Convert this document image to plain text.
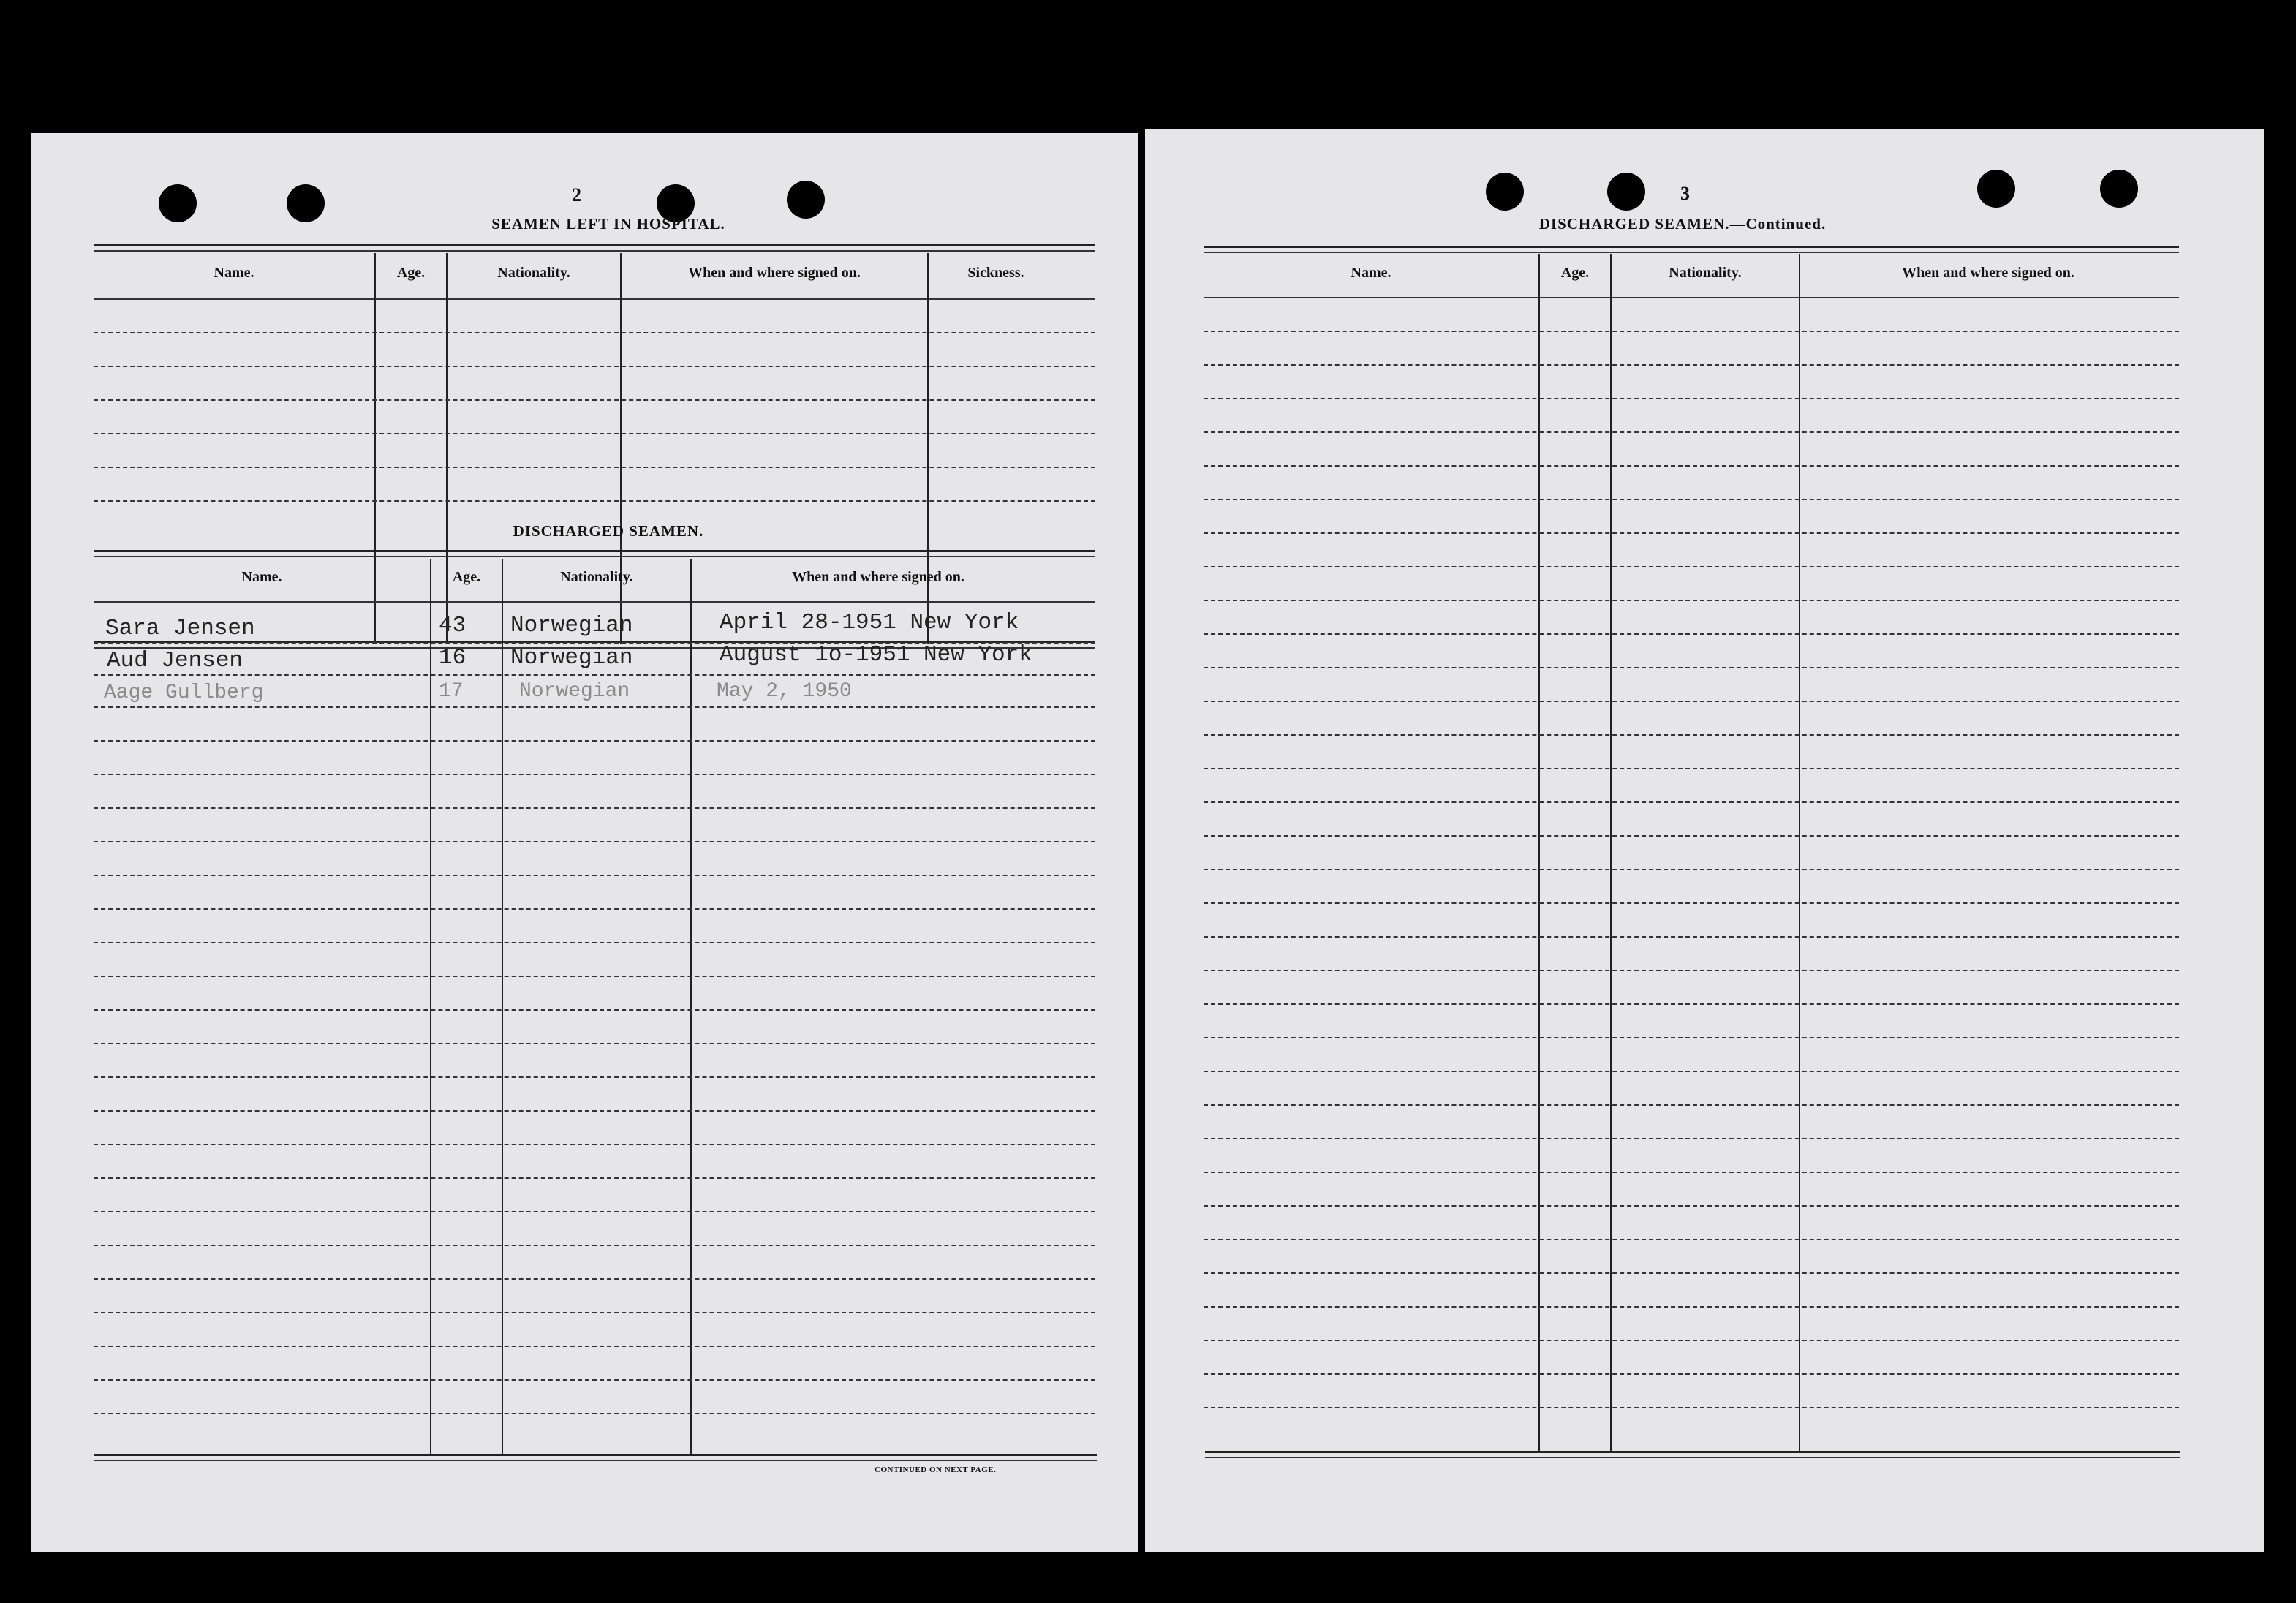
2
SEAMEN LEFT IN HOSPITAL.
Name.	Age.	Nationality.	When and where signed on.	Sickness.
DISCHARGED SEAMEN.
Name.	Age.	Nationality.	When and where signed on.
Sara Jensen	43 Norwegian	April 28-1951 New York
Aud Jensen	16 Norwegian	August 1o-1951 New York
Aage Gullberg	17	Norwegian	May 2, 1950
CONTINUED ON NEXT PAGE.
3
DISCHARGED SEAMEN.—Continued.
Name.	Age.	Nationality.	When and where signed on.
